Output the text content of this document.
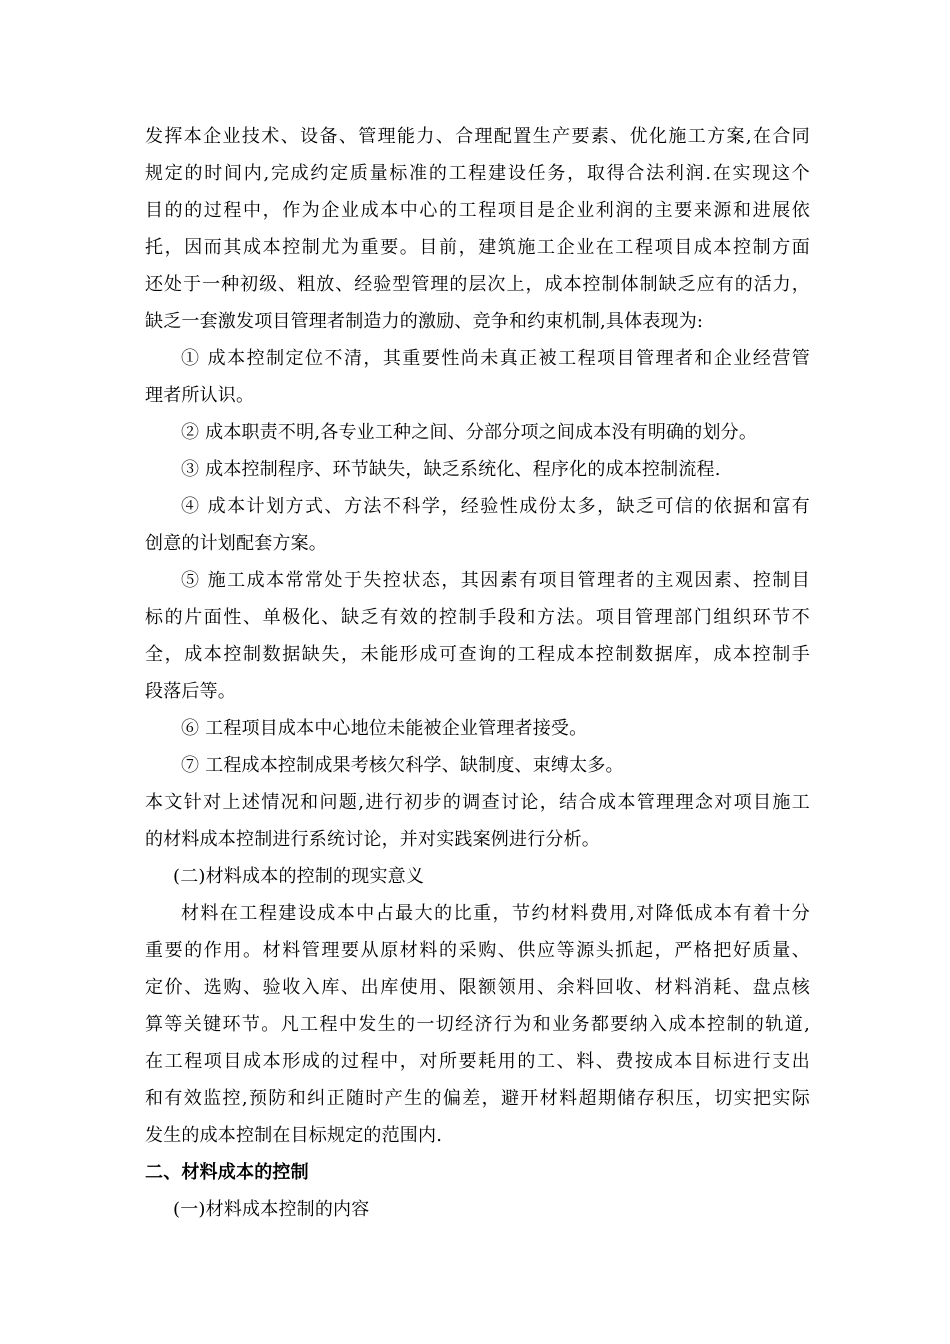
发挥本企业技术、设备、管理能力、合理配置生产要素、优化施工方案,在合同
规定的时间内,完成约定质量标准的工程建设任务，取得合法利润.在实现这个
目的的过程中，作为企业成本中心的工程项目是企业利润的主要来源和进展依
托，因而其成本控制尤为重要。目前，建筑施工企业在工程项目成本控制方面
还处于一种初级、粗放、经验型管理的层次上，成本控制体制缺乏应有的活力，
缺乏一套激发项目管理者制造力的激励、竞争和约束机制,具体表现为:
① 成本控制定位不清，其重要性尚未真正被工程项目管理者和企业经营管
理者所认识。
② 成本职责不明,各专业工种之间、分部分项之间成本没有明确的划分。
③ 成本控制程序、环节缺失，缺乏系统化、程序化的成本控制流程.
④ 成本计划方式、方法不科学，经验性成份太多，缺乏可信的依据和富有
创意的计划配套方案。
⑤ 施工成本常常处于失控状态，其因素有项目管理者的主观因素、控制目
标的片面性、单极化、缺乏有效的控制手段和方法。项目管理部门组织环节不
全，成本控制数据缺失，未能形成可查询的工程成本控制数据库，成本控制手
段落后等。
⑥ 工程项目成本中心地位未能被企业管理者接受。
⑦ 工程成本控制成果考核欠科学、缺制度、束缚太多。
本文针对上述情况和问题,进行初步的调查讨论，结合成本管理理念对项目施工
的材料成本控制进行系统讨论，并对实践案例进行分析。
(二)材料成本的控制的现实意义
材料在工程建设成本中占最大的比重，节约材料费用,对降低成本有着十分
重要的作用。材料管理要从原材料的采购、供应等源头抓起，严格把好质量、
定价、选购、验收入库、出库使用、限额领用、余料回收、材料消耗、盘点核
算等关键环节。凡工程中发生的一切经济行为和业务都要纳入成本控制的轨道,
在工程项目成本形成的过程中，对所要耗用的工、料、费按成本目标进行支出
和有效监控,预防和纠正随时产生的偏差，避开材料超期储存积压，切实把实际
发生的成本控制在目标规定的范围内.
二、材料成本的控制
(一)材料成本控制的内容
